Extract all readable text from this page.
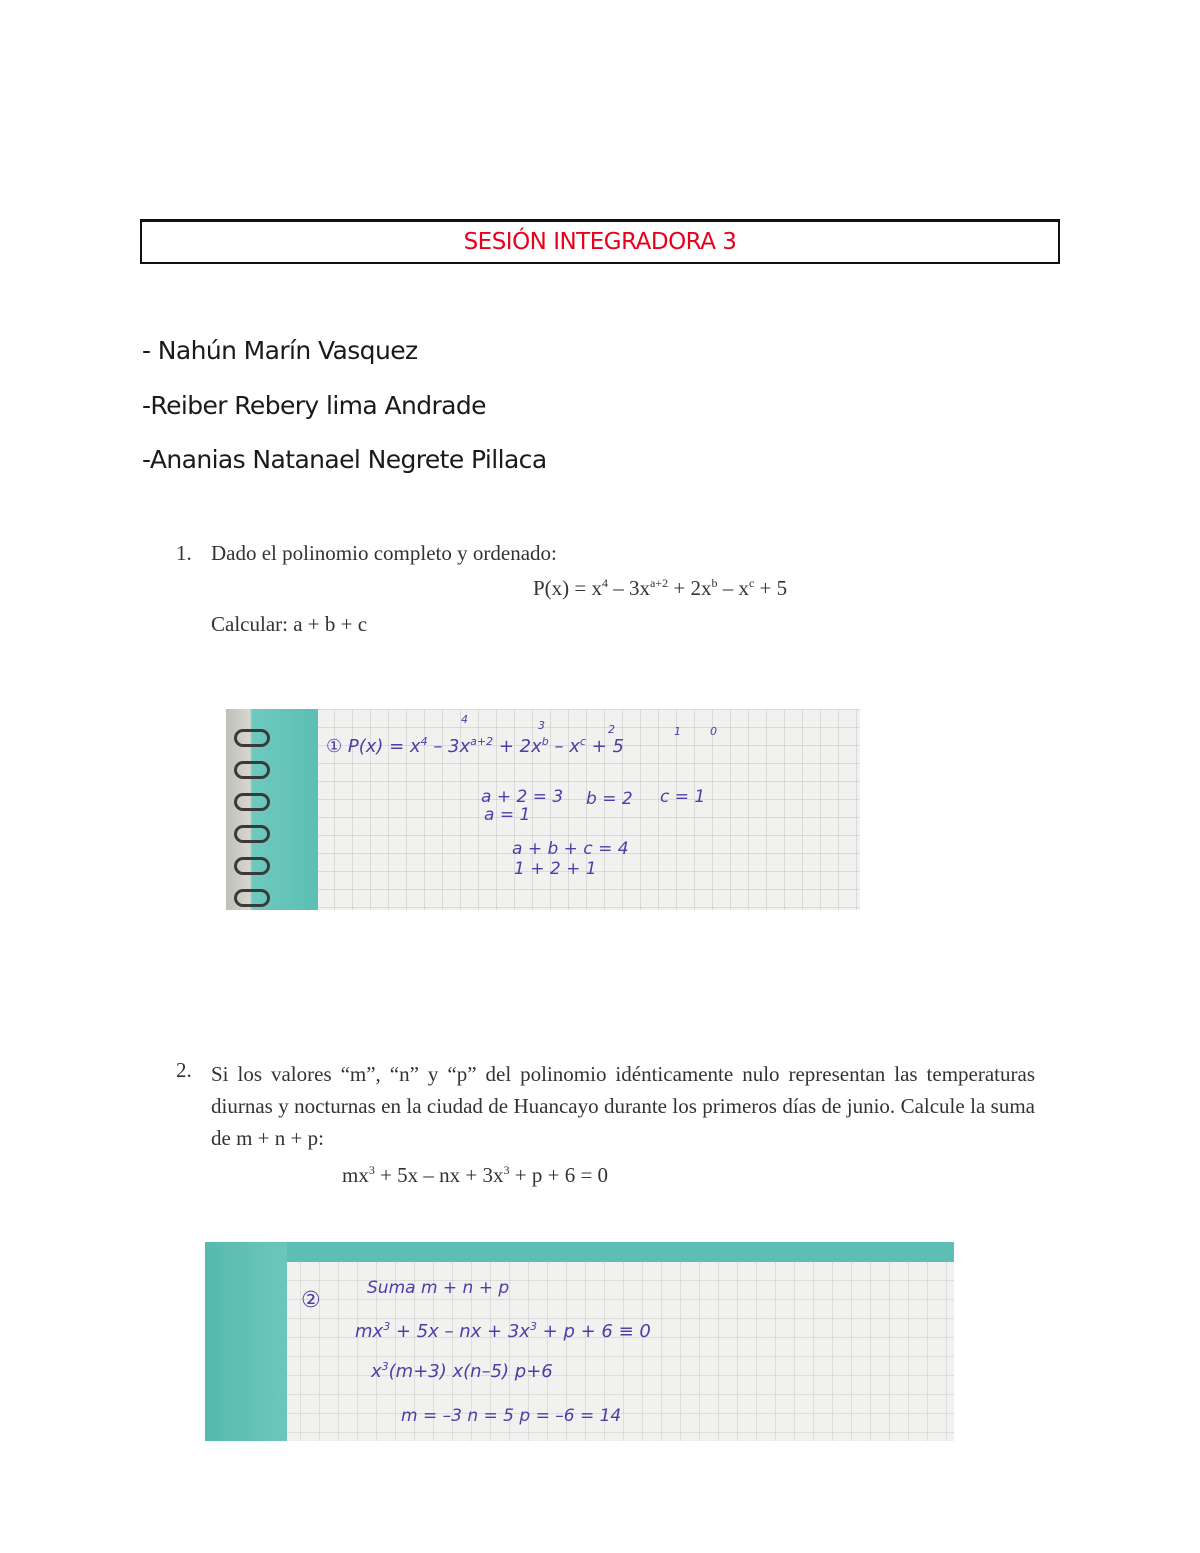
SESIÓN INTEGRADORA 3
- Nahún Marín Vasquez
-Reiber Rebery lima Andrade
-Ananias Natanael Negrete Pillaca
1. Dado el polinomio completo y ordenado:
$P(x) = x^4 - 3x^{a+2} + 2x^b - x^c + 5$
Calcular: a + b + c
4	3	2	1	0
① $P(x) = x^4 - 3x^{a+2} + 2x^b - x^c + 5$
a + 2 = 3 b = 2 c = 1
a = 1
a + b + c = 4
1 + 2 + 1
2. Si los valores “m”, “n” y “p” del polinomio idénticamente nulo representan las temperaturas diurnas y nocturnas en la ciudad de Huancayo durante los primeros días de junio. Calcule la suma de m + n + p:
$mx^3 + 5x$ – nx + $3x^3 + p + 6 = 0$
Suma m + n + p
②
$mx^3 + 5x$ – nx + $3x^3 + p + 6 \equiv 0$
$x^3(m+3)$ x(n–5) p+6
m = –3 n = 5 p = –6 = 14
